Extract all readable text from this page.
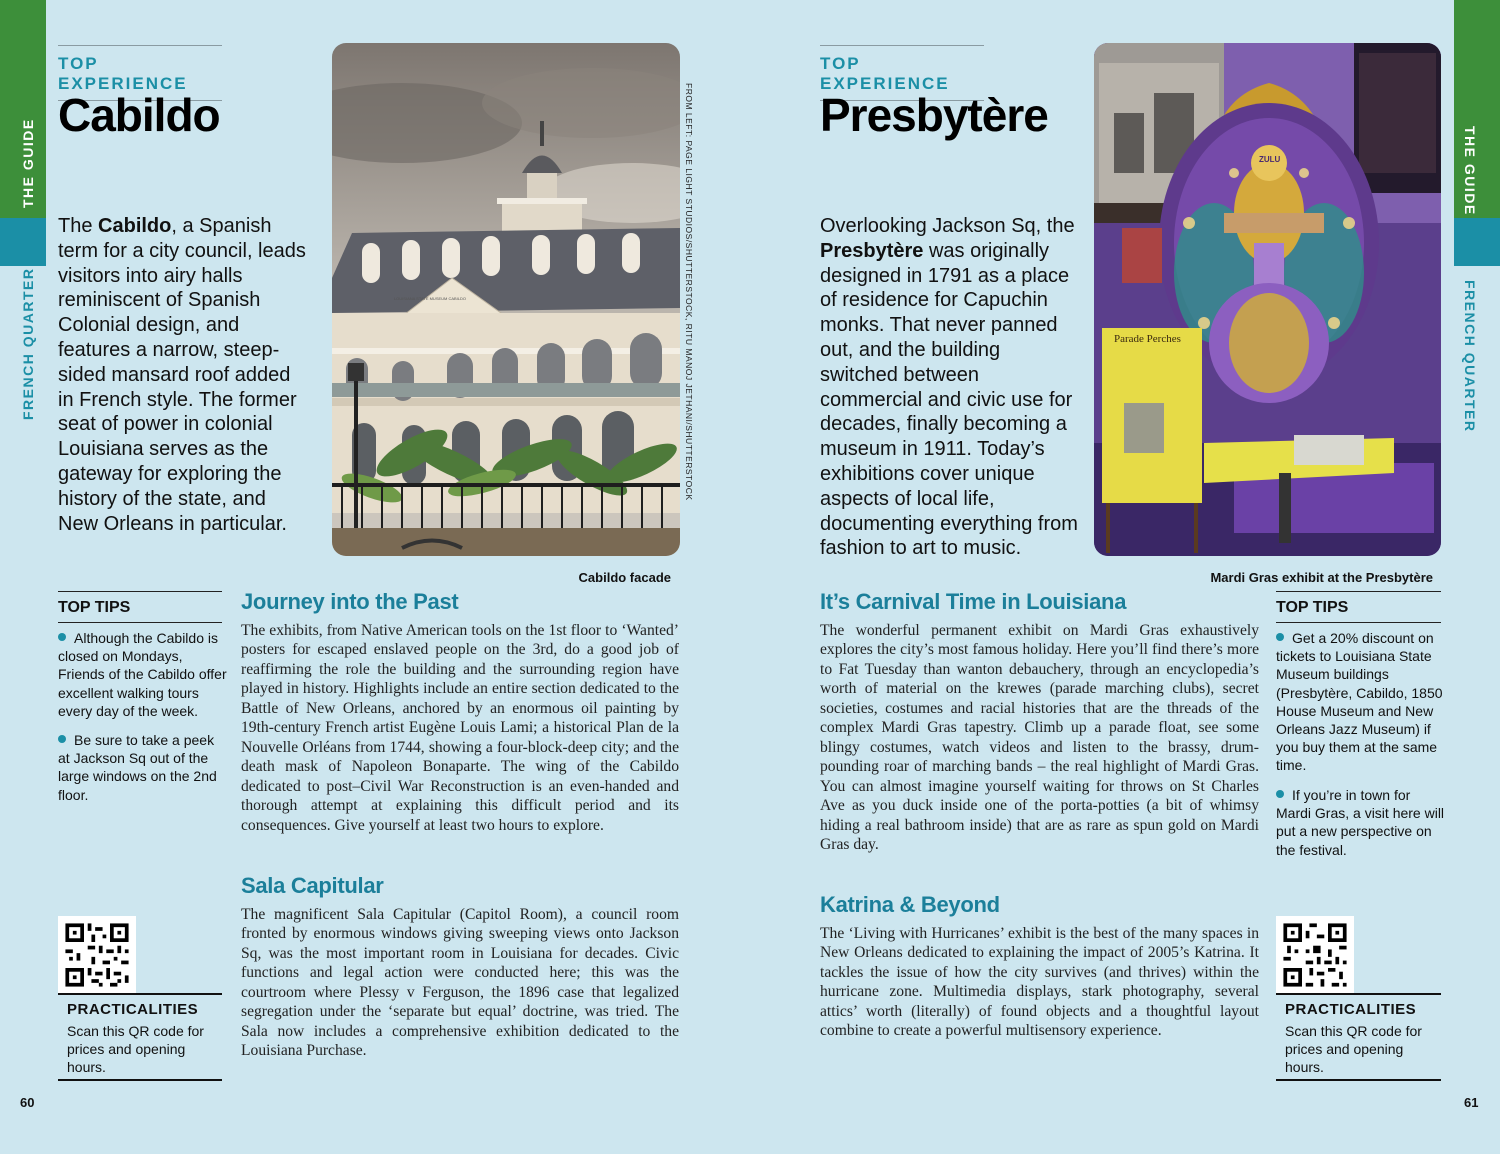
THE GUIDE
FRENCH QUARTER
TOP EXPERIENCE
Cabildo
The Cabildo, a Spanish term for a city council, leads visitors into airy halls reminiscent of Spanish Colonial design, and features a narrow, steep-sided mansard roof added in French style. The former seat of power in colonial Louisiana serves as the gateway for exploring the history of the state, and New Orleans in particular.
LOUISIANA STATE MUSEUM CABILDO	FROM LEFT: PAGE LIGHT STUDIOS/SHUTTERSTOCK, RITU MANOJ JETHANI/SHUTTERSTOCK
Cabildo facade
TOP TIPS
Although the Cabildo is closed on Mondays, Friends of the Cabildo offer excellent walking tours every day of the week.
Be sure to take a peek at Jackson Sq out of the large windows on the 2nd floor.
Journey into the Past
The exhibits, from Native American tools on the 1st floor to ‘Wanted’ posters for escaped enslaved people on the 3rd, do a good job of reaffirming the role the building and the surrounding region have played in history. Highlights include an entire section dedicated to the Battle of New Orleans, anchored by an enormous oil painting by 19th-century French artist Eugène Louis Lami; a historical Plan de la Nouvelle Orléans from 1744, showing a four-block-deep city; and the death mask of Napoleon Bonaparte. The wing of the Cabildo dedicated to post–Civil War Reconstruction is an even-handed and thorough attempt at explaining this difficult period and its consequences. Give yourself at least two hours to explore.
Sala Capitular
The magnificent Sala Capitular (Capitol Room), a council room fronted by enormous windows giving sweeping views onto Jackson Sq, was the most important room in Louisiana for decades. Civic functions and legal action were conducted here; this was the courtroom where Plessy v Ferguson, the 1896 case that legalized segregation under the ‘separate but equal’ doctrine, was tried. The Sala now includes a comprehensive exhibition dedicated to the Louisiana Purchase.
PRACTICALITIES
Scan this QR code for prices and opening hours.
60
THE GUIDE
FRENCH QUARTER
TOP EXPERIENCE
Presbytère
Overlooking Jackson Sq, the Presbytère was originally designed in 1791 as a place of residence for Capuchin monks. That never panned out, and the building switched between commercial and civic use for decades, finally becoming a museum in 1911. Today’s exhibitions cover unique aspects of local life, documenting everything from fashion to art to music.
Parade Perches
ZULU
Mardi Gras exhibit at the Presbytère
It’s Carnival Time in Louisiana
The wonderful permanent exhibit on Mardi Gras exhaustively explores the city’s most famous holiday. Here you’ll find there’s more to Fat Tuesday than wanton debauchery, through an encyclopedia’s worth of material on the krewes (parade marching clubs), secret societies, costumes and racial histories that are the threads of the complex Mardi Gras tapestry. Climb up a parade float, see some blingy costumes, watch videos and listen to the brassy, drum-pounding roar of marching bands – the real highlight of Mardi Gras. You can almost imagine yourself waiting for throws on St Charles Ave as you duck inside one of the porta-potties (a bit of whimsy hiding a real bathroom inside) that are as rare as spun gold on Mardi Gras day.
Katrina & Beyond
The ‘Living with Hurricanes’ exhibit is the best of the many spaces in New Orleans dedicated to explaining the impact of 2005’s Katrina. It tackles the issue of how the city survives (and thrives) within the hurricane zone. Multimedia displays, stark photography, several attics’ worth (literally) of found objects and a thoughtful layout combine to create a powerful multisensory experience.
TOP TIPS
Get a 20% discount on tickets to Louisiana State Museum buildings (Presbytère, Cabildo, 1850 House Museum and New Orleans Jazz Museum) if you buy them at the same time.
If you’re in town for Mardi Gras, a visit here will put a new perspective on the festival.
PRACTICALITIES
Scan this QR code for prices and opening hours.
61
